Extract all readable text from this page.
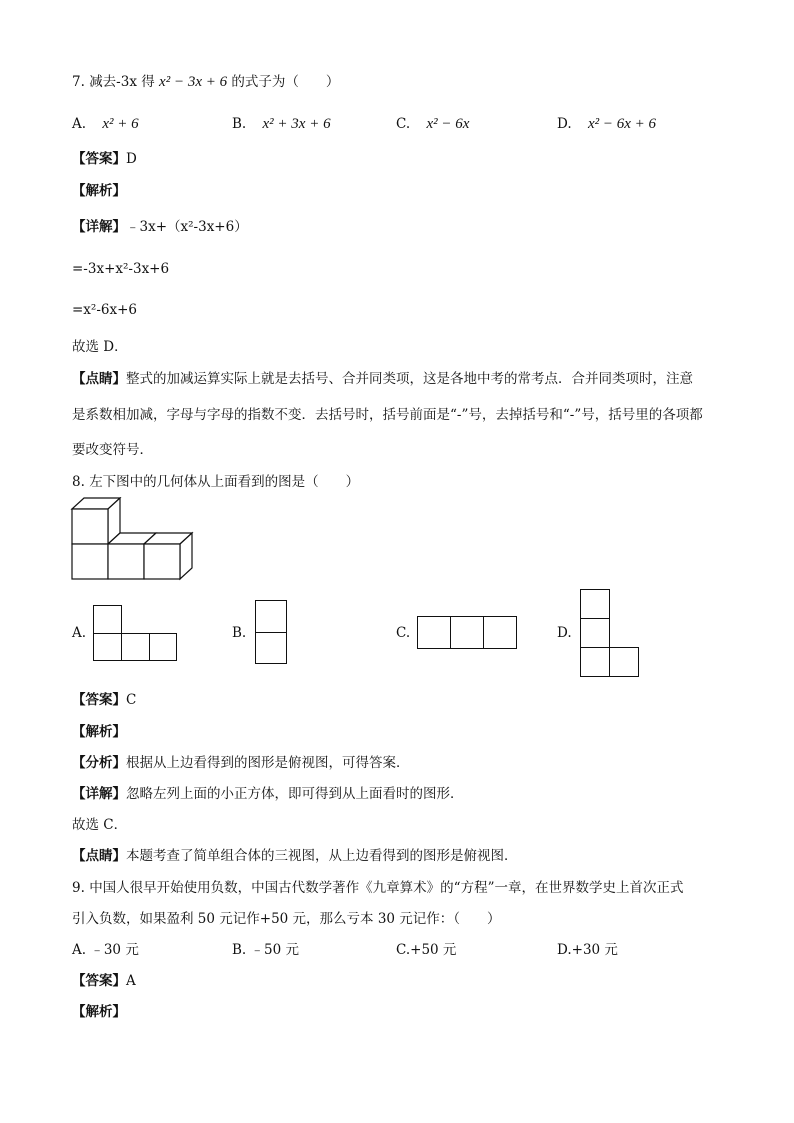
7. 减去-3x 得 x² − 3x + 6 的式子为（　　）
A. x² + 6	B. x² + 3x + 6	C. x² − 6x	D. x² − 6x + 6
【答案】D
【解析】
【详解】﹣3x+（x²-3x+6）
=-3x+x²-3x+6
=x²-6x+6
故选 D．
【点睛】整式的加减运算实际上就是去括号、合并同类项，这是各地中考的常考点．合并同类项时，注意
是系数相加减，字母与字母的指数不变．去括号时，括号前面是“-”号，去掉括号和“-”号，括号里的各项都
要改变符号．
8. 左下图中的几何体从上面看到的图是（　　）
A.	B.	C.	D.
【答案】C
【解析】
【分析】根据从上边看得到的图形是俯视图，可得答案．
【详解】忽略左列上面的小正方体，即可得到从上面看时的图形．
故选 C．
【点睛】本题考查了简单组合体的三视图，从上边看得到的图形是俯视图．
9. 中国人很早开始使用负数，中国古代数学著作《九章算术》的“方程”一章，在世界数学史上首次正式
引入负数，如果盈利 50 元记作+50 元，那么亏本 30 元记作：（　　）
A. ﹣30 元	B. ﹣50 元	C.+50 元	D.+30 元
【答案】A
【解析】
